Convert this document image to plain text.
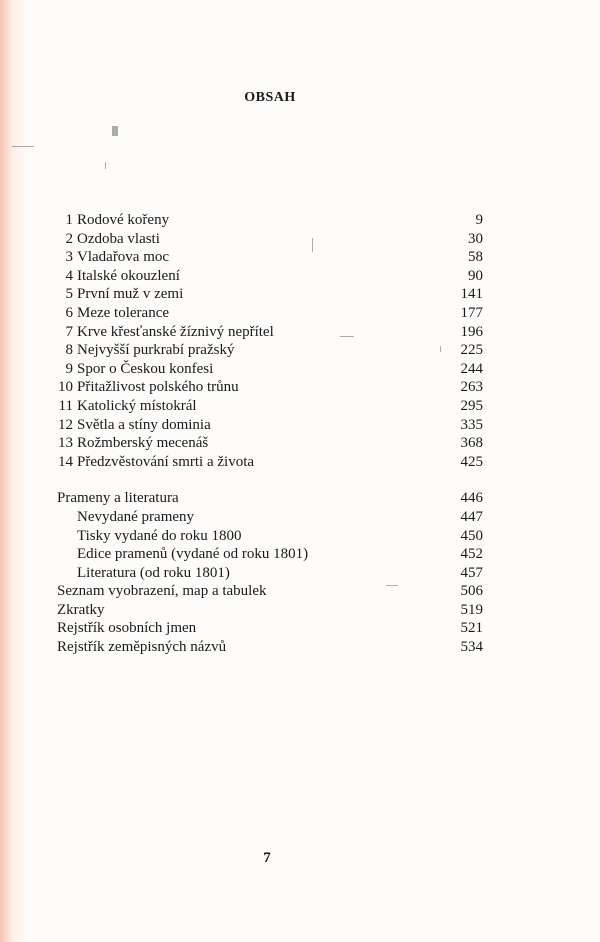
OBSAH
1 Rodové kořeny	9
2 Ozdoba vlasti	30
3 Vladařova moc	58
4 Italské okouzlení	90
5 První muž v zemi	141
6 Meze tolerance	177
7 Krve křesťanské žíznivý nepřítel	196
8 Nejvyšší purkrabí pražský	225
9 Spor o Českou konfesi	244
10 Přitažlivost polského trůnu	263
11 Katolický místokrál	295
12 Světla a stíny dominia	335
13 Rožmberský mecenáš	368
14 Předzvěstování smrti a života	425
Prameny a literatura	446
Nevydané prameny	447
Tisky vydané do roku 1800	450
Edice pramenů (vydané od roku 1801)	452
Literatura (od roku 1801)	457
Seznam vyobrazení, map a tabulek	506
Zkratky	519
Rejstřík osobních jmen	521
Rejstřík zeměpisných názvů	534
7
